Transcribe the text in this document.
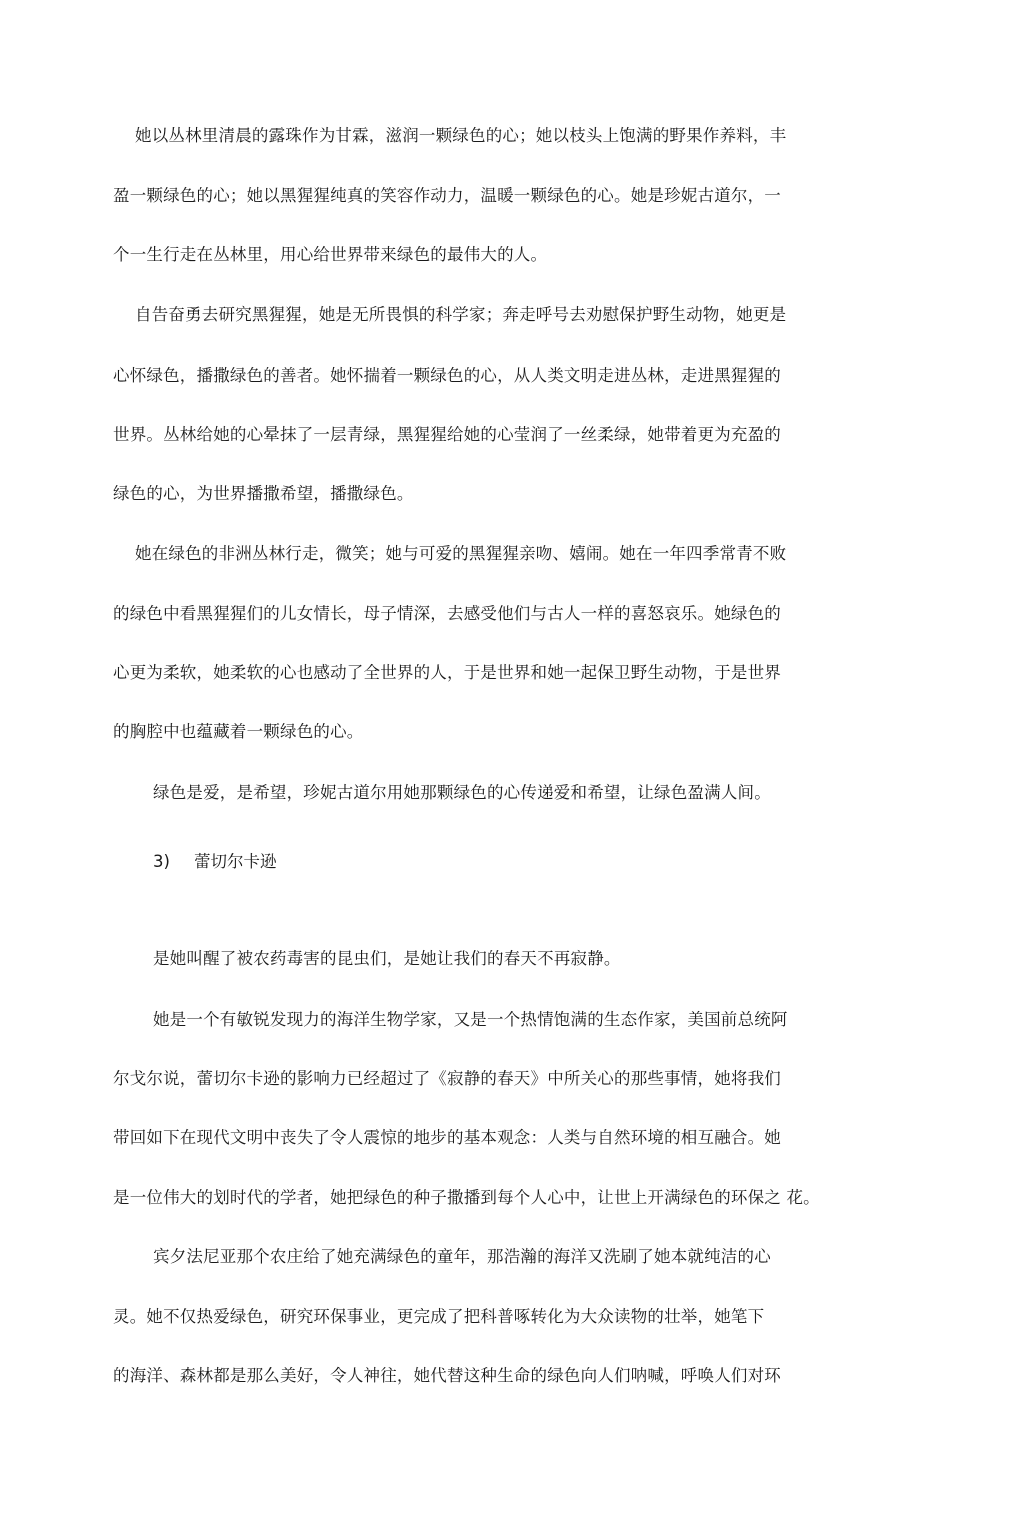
她以丛林里清晨的露珠作为甘霖，滋润一颗绿色的心；她以枝头上饱满的野果作养料，丰
盈一颗绿色的心；她以黑猩猩纯真的笑容作动力，温暖一颗绿色的心。她是珍妮古道尔，一
个一生行走在丛林里，用心给世界带来绿色的最伟大的人。
自告奋勇去研究黑猩猩，她是无所畏惧的科学家；奔走呼号去劝慰保护野生动物，她更是
心怀绿色，播撒绿色的善者。她怀揣着一颗绿色的心，从人类文明走进丛林，走进黑猩猩的
世界。丛林给她的心晕抹了一层青绿，黑猩猩给她的心莹润了一丝柔绿，她带着更为充盈的
绿色的心，为世界播撒希望，播撒绿色。
她在绿色的非洲丛林行走，微笑；她与可爱的黑猩猩亲吻、嬉闹。她在一年四季常青不败
的绿色中看黑猩猩们的儿女情长，母子情深，去感受他们与古人一样的喜怒哀乐。她绿色的
心更为柔软，她柔软的心也感动了全世界的人，于是世界和她一起保卫野生动物，于是世界
的胸腔中也蕴藏着一颗绿色的心。
绿色是爱，是希望，珍妮古道尔用她那颗绿色的心传递爱和希望，让绿色盈满人间。
3) 蕾切尔卡逊
是她叫醒了被农药毒害的昆虫们，是她让我们的春天不再寂静。
她是一个有敏锐发现力的海洋生物学家，又是一个热情饱满的生态作家，美国前总统阿
尔戈尔说，蕾切尔卡逊的影响力已经超过了《寂静的春天》中所关心的那些事情，她将我们
带回如下在现代文明中丧失了令人震惊的地步的基本观念：人类与自然环境的相互融合。她
是一位伟大的划时代的学者，她把绿色的种子撒播到每个人心中，让世上开满绿色的环保之 花。
宾夕法尼亚那个农庄给了她充满绿色的童年，那浩瀚的海洋又洗刷了她本就纯洁的心
灵。她不仅热爱绿色，研究环保事业，更完成了把科普啄转化为大众读物的壮举，她笔下
的海洋、森林都是那么美好，令人神往，她代替这种生命的绿色向人们呐喊，呼唤人们对环
